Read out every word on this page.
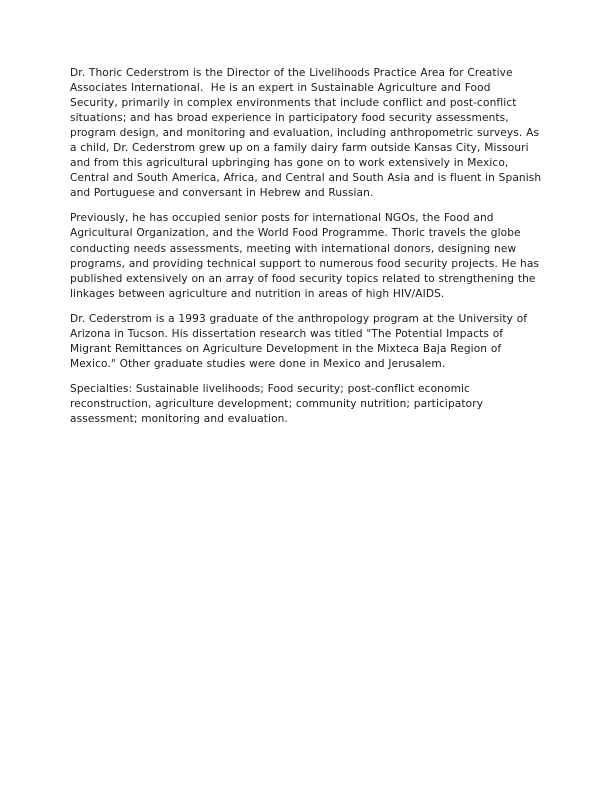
Dr. Thoric Cederstrom is the Director of the Livelihoods Practice Area for Creative Associates International.  He is an expert in Sustainable Agriculture and Food Security, primarily in complex environments that include conflict and post-conflict situations; and has broad experience in participatory food security assessments, program design, and monitoring and evaluation, including anthropometric surveys. As a child, Dr. Cederstrom grew up on a family dairy farm outside Kansas City, Missouri and from this agricultural upbringing has gone on to work extensively in Mexico, Central and South America, Africa, and Central and South Asia and is fluent in Spanish and Portuguese and conversant in Hebrew and Russian.

Previously, he has occupied senior posts for international NGOs, the Food and Agricultural Organization, and the World Food Programme. Thoric travels the globe conducting needs assessments, meeting with international donors, designing new programs, and providing technical support to numerous food security projects. He has published extensively on an array of food security topics related to strengthening the linkages between agriculture and nutrition in areas of high HIV/AIDS.

Dr. Cederstrom is a 1993 graduate of the anthropology program at the University of Arizona in Tucson. His dissertation research was titled "The Potential Impacts of Migrant Remittances on Agriculture Development in the Mixteca Baja Region of Mexico." Other graduate studies were done in Mexico and Jerusalem.

Specialties: Sustainable livelihoods; Food security; post-conflict economic reconstruction, agriculture development; community nutrition; participatory assessment; monitoring and evaluation.
